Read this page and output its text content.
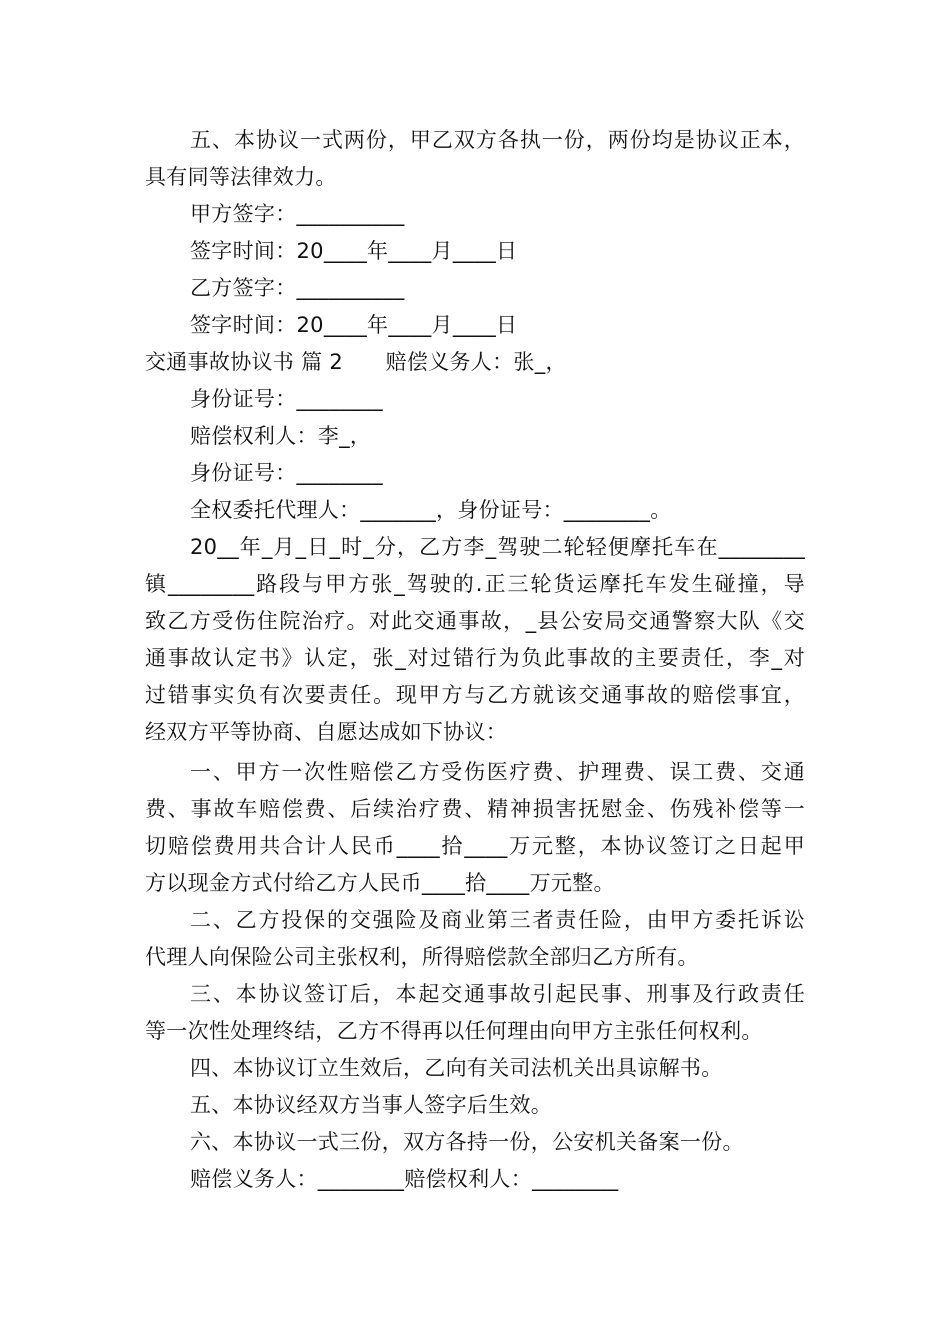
五、本协议一式两份，甲乙双方各执一份，两份均是协议正本，
具有同等法律效力。
甲方签字：__________
签字时间：20____年____月____日
乙方签字：__________
签字时间：20____年____月____日
交通事故协议书 篇 2　　赔偿义务人：张_，
身份证号：________
赔偿权利人：李_，
身份证号：________
全权委托代理人：_______，身份证号：________。
20__年_月_日_时_分，乙方李_驾驶二轮轻便摩托车在________
镇________路段与甲方张_驾驶的.正三轮货运摩托车发生碰撞，导
致乙方受伤住院治疗。对此交通事故，_县公安局交通警察大队《交
通事故认定书》认定，张_对过错行为负此事故的主要责任，李_对
过错事实负有次要责任。现甲方与乙方就该交通事故的赔偿事宜，
经双方平等协商、自愿达成如下协议：
一、甲方一次性赔偿乙方受伤医疗费、护理费、误工费、交通
费、事故车赔偿费、后续治疗费、精神损害抚慰金、伤残补偿等一
切赔偿费用共合计人民币____拾____万元整，本协议签订之日起甲
方以现金方式付给乙方人民币____拾____万元整。
二、乙方投保的交强险及商业第三者责任险，由甲方委托诉讼
代理人向保险公司主张权利，所得赔偿款全部归乙方所有。
三、本协议签订后，本起交通事故引起民事、刑事及行政责任
等一次性处理终结，乙方不得再以任何理由向甲方主张任何权利。
四、本协议订立生效后，乙向有关司法机关出具谅解书。
五、本协议经双方当事人签字后生效。
六、本协议一式三份，双方各持一份，公安机关备案一份。
赔偿义务人：________赔偿权利人：________
